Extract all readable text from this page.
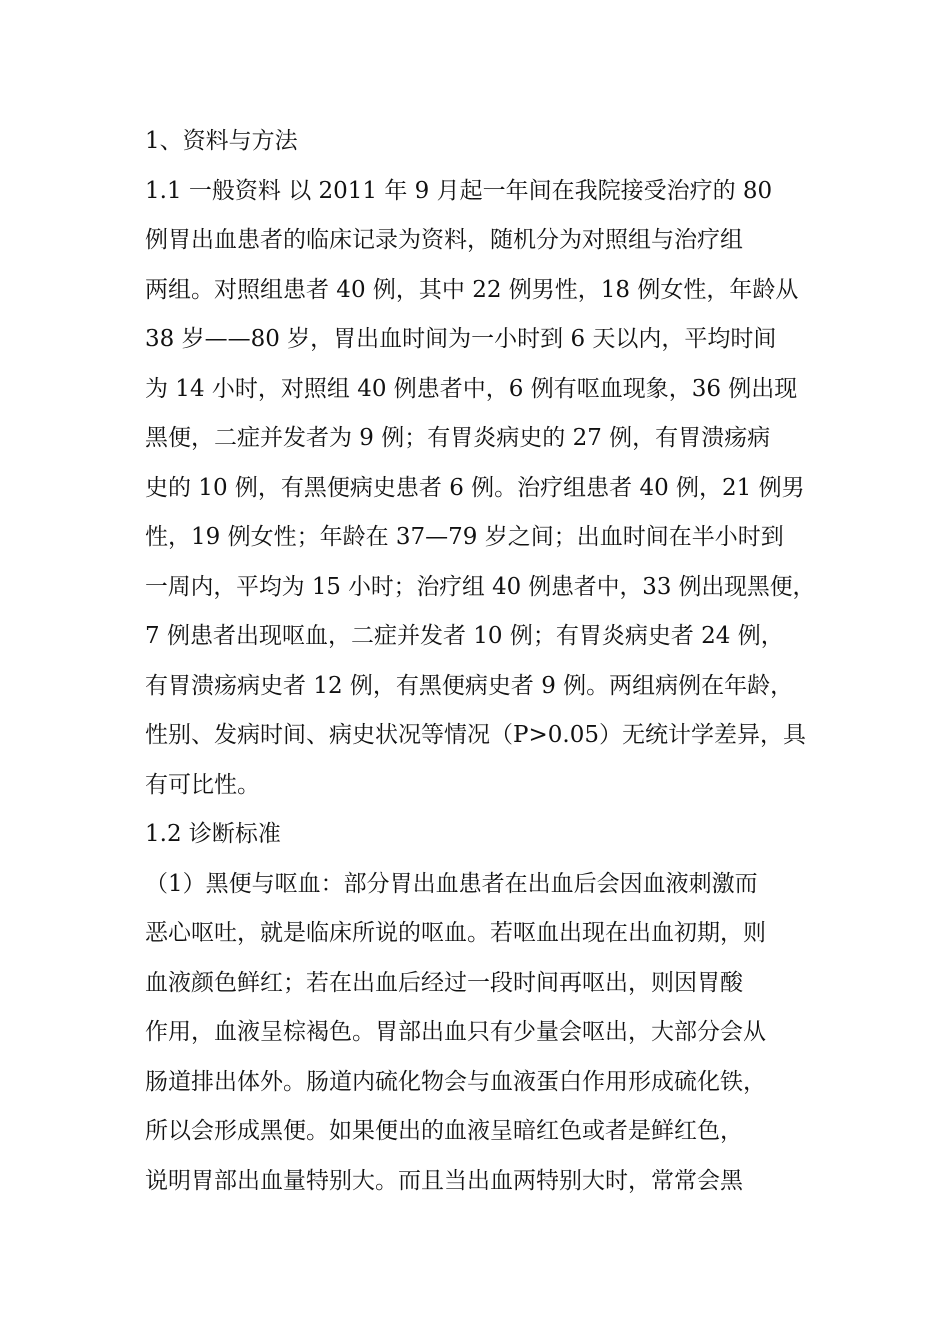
1、资料与方法
1.1 一般资料 以 2011 年 9 月起一年间在我院接受治疗的 80
例胃出血患者的临床记录为资料，随机分为对照组与治疗组
两组。对照组患者 40 例，其中 22 例男性，18 例女性，年龄从
38 岁——80 岁，胃出血时间为一小时到 6 天以内，平均时间
为 14 小时，对照组 40 例患者中，6 例有呕血现象，36 例出现
黑便，二症并发者为 9 例；有胃炎病史的 27 例，有胃溃疡病
史的 10 例，有黑便病史患者 6 例。治疗组患者 40 例，21 例男
性，19 例女性；年龄在 37—79 岁之间；出血时间在半小时到
一周内，平均为 15 小时；治疗组 40 例患者中，33 例出现黑便，
7 例患者出现呕血，二症并发者 10 例；有胃炎病史者 24 例，
有胃溃疡病史者 12 例，有黑便病史者 9 例。两组病例在年龄，
性别、发病时间、病史状况等情况（P>0.05）无统计学差异，具
有可比性。
1.2 诊断标准
（1）黑便与呕血：部分胃出血患者在出血后会因血液刺激而
恶心呕吐，就是临床所说的呕血。若呕血出现在出血初期，则
血液颜色鲜红；若在出血后经过一段时间再呕出，则因胃酸
作用，血液呈棕褐色。胃部出血只有少量会呕出，大部分会从
肠道排出体外。肠道内硫化物会与血液蛋白作用形成硫化铁，
所以会形成黑便。如果便出的血液呈暗红色或者是鲜红色，
说明胃部出血量特别大。而且当出血两特别大时，常常会黑
